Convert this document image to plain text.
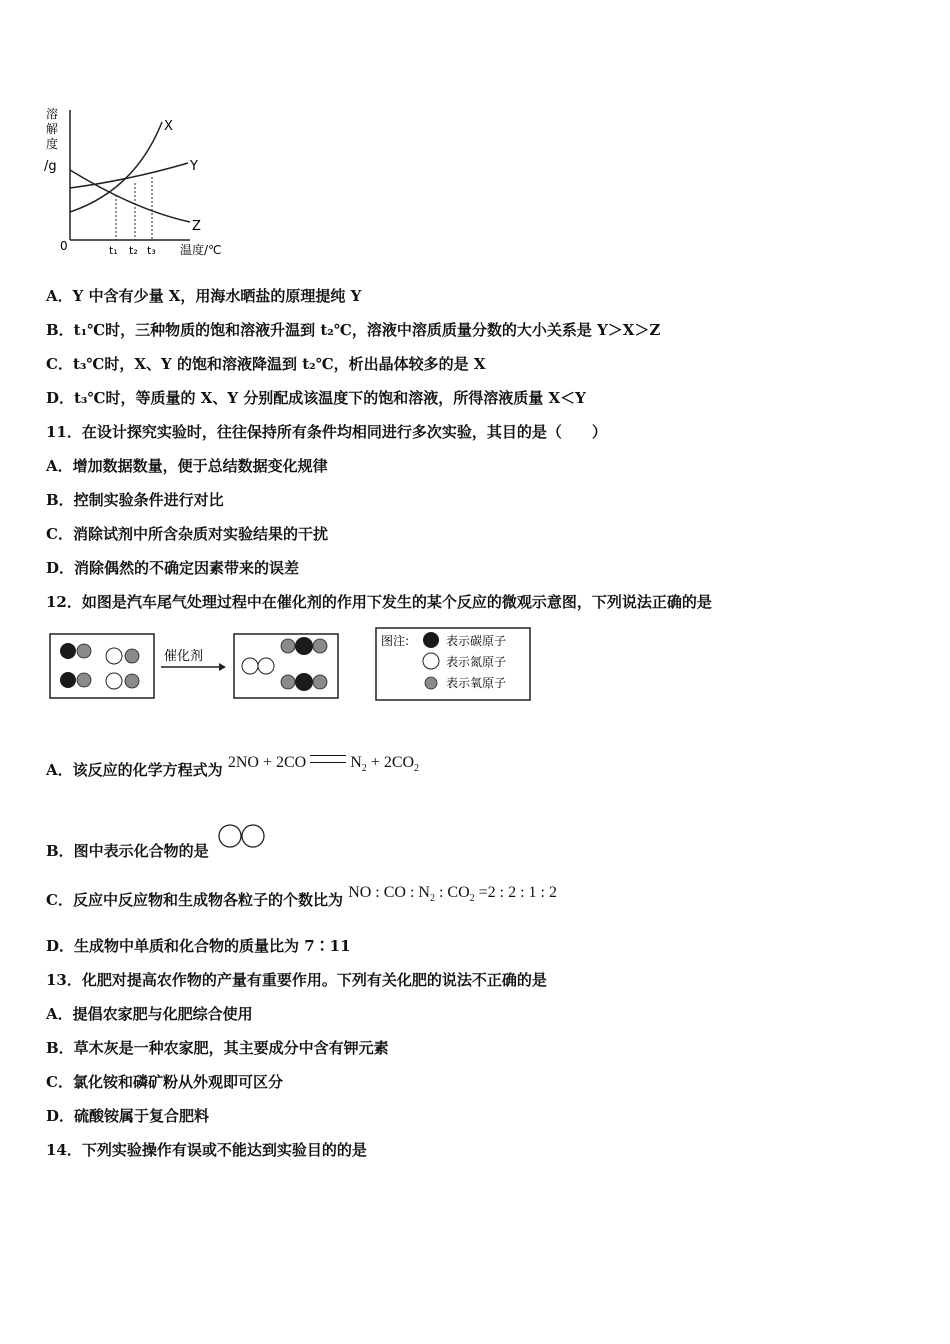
溶
解
度
/g
0
X
Y
Z
t₁ t₂ t₃ 温度/℃
A．Y 中含有少量 X，用海水晒盐的原理提纯 Y
B．t₁℃时，三种物质的饱和溶液升温到 t₂℃，溶液中溶质质量分数的大小关系是 Y＞X＞Z
C．t₃℃时，X、Y 的饱和溶液降温到 t₂℃，析出晶体较多的是 X
D．t₃℃时，等质量的 X、Y 分别配成该温度下的饱和溶液，所得溶液质量 X＜Y
11．在设计探究实验时，往往保持所有条件均相同进行多次实验，其目的是（　　）
A．增加数据数量，便于总结数据变化规律
B．控制实验条件进行对比
C．消除试剂中所含杂质对实验结果的干扰
D．消除偶然的不确定因素带来的误差
12．如图是汽车尾气处理过程中在催化剂的作用下发生的某个反应的微观示意图，下列说法正确的是
催化剂
图注:	表示碳原子
表示氮原子
表示氧原子
A．该反应的化学方程式为 2NO + 2CO	$N_2 + 2CO_2$
B．图中表示化合物的是
C．反应中反应物和生成物各粒子的个数比为 NO : CO : $N_2$ : $CO_2 =2$ : 2 : 1 : 2
D．生成物中单质和化合物的质量比为 7∶11
13．化肥对提高农作物的产量有重要作用。下列有关化肥的说法不正确的是
A．提倡农家肥与化肥综合使用
B．草木灰是一种农家肥，其主要成分中含有钾元素
C．氯化铵和磷矿粉从外观即可区分
D．硫酸铵属于复合肥料
14．下列实验操作有误或不能达到实验目的的是
